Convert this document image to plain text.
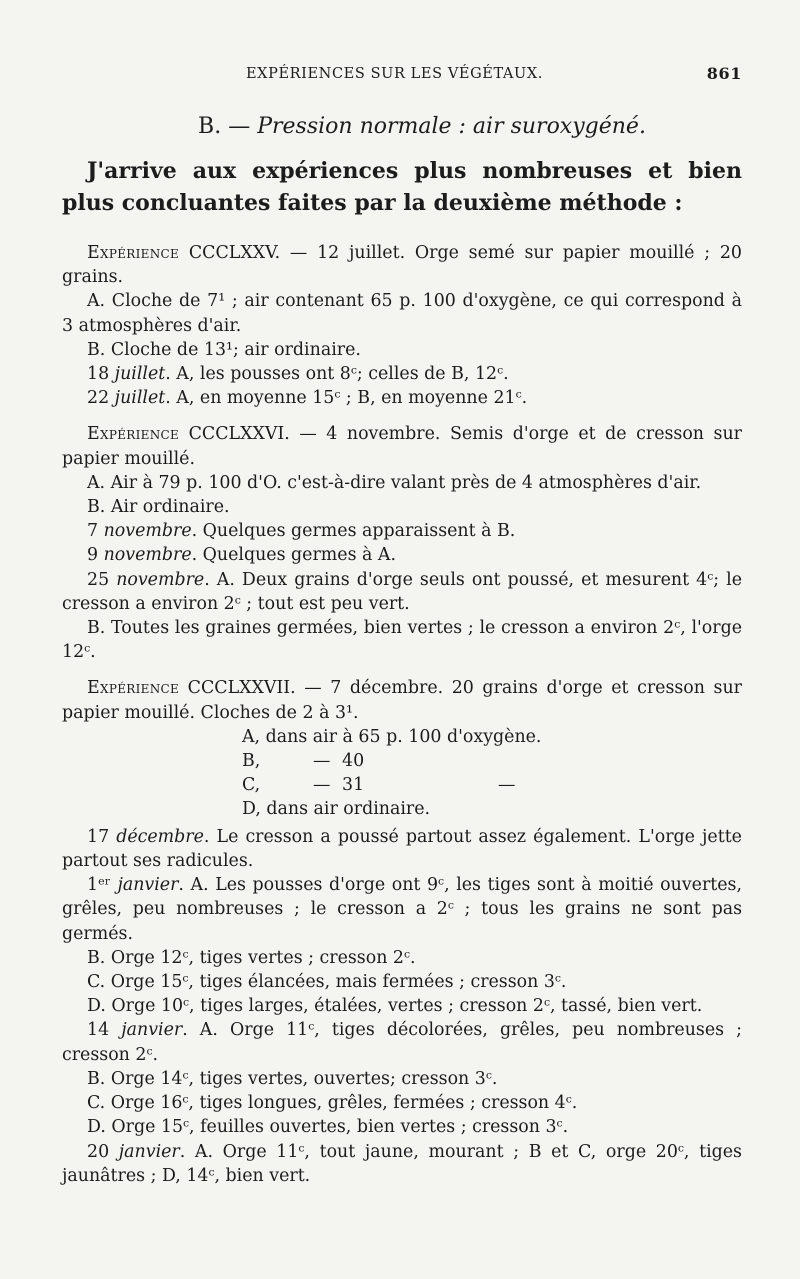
EXPÉRIENCES SUR LES VÉGÉTAUX.	861
B. — Pression normale : air suroxygéné.

J'arrive aux expériences plus nombreuses et bien plus concluantes faites par la deuxième méthode :

Expérience CCCLXXV. — 12 juillet. Orge semé sur papier mouillé ; 20 grains.

A. Cloche de 7¹ ; air contenant 65 p. 100 d'oxygène, ce qui correspond à 3 atmosphères d'air.

B. Cloche de 13¹; air ordinaire.

18 juillet. A, les pousses ont 8ᶜ; celles de B, 12ᶜ.

22 juillet. A, en moyenne 15ᶜ ; B, en moyenne 21ᶜ.

Expérience CCCLXXVI. — 4 novembre. Semis d'orge et de cresson sur papier mouillé.

A. Air à 79 p. 100 d'O. c'est-à-dire valant près de 4 atmosphères d'air.

B. Air ordinaire.

7 novembre. Quelques germes apparaissent à B.

9 novembre. Quelques germes à A.

25 novembre. A. Deux grains d'orge seuls ont poussé, et mesurent 4ᶜ; le cresson a environ 2ᶜ ; tout est peu vert.

B. Toutes les graines germées, bien vertes ; le cresson a environ 2ᶜ, l'orge 12ᶜ.

Expérience CCCLXXVII. — 7 décembre. 20 grains d'orge et cresson sur papier mouillé. Cloches de 2 à 3¹.

A, dans air à 65 p. 100 d'oxygène.
B,	— 40
C,	— 31	—
D, dans air ordinaire.

17 décembre. Le cresson a poussé partout assez également. L'orge jette partout ses radicules.

1ᵉʳ janvier. A. Les pousses d'orge ont 9ᶜ, les tiges sont à moitié ouvertes, grêles, peu nombreuses ; le cresson a 2ᶜ ; tous les grains ne sont pas germés.

B. Orge 12ᶜ, tiges vertes ; cresson 2ᶜ.

C. Orge 15ᶜ, tiges élancées, mais fermées ; cresson 3ᶜ.

D. Orge 10ᶜ, tiges larges, étalées, vertes ; cresson 2ᶜ, tassé, bien vert.

14 janvier. A. Orge 11ᶜ, tiges décolorées, grêles, peu nombreuses ; cresson 2ᶜ.

B. Orge 14ᶜ, tiges vertes, ouvertes; cresson 3ᶜ.

C. Orge 16ᶜ, tiges longues, grêles, fermées ; cresson 4ᶜ.

D. Orge 15ᶜ, feuilles ouvertes, bien vertes ; cresson 3ᶜ.

20 janvier. A. Orge 11ᶜ, tout jaune, mourant ; B et C, orge 20ᶜ, tiges jaunâtres ; D, 14ᶜ, bien vert.
